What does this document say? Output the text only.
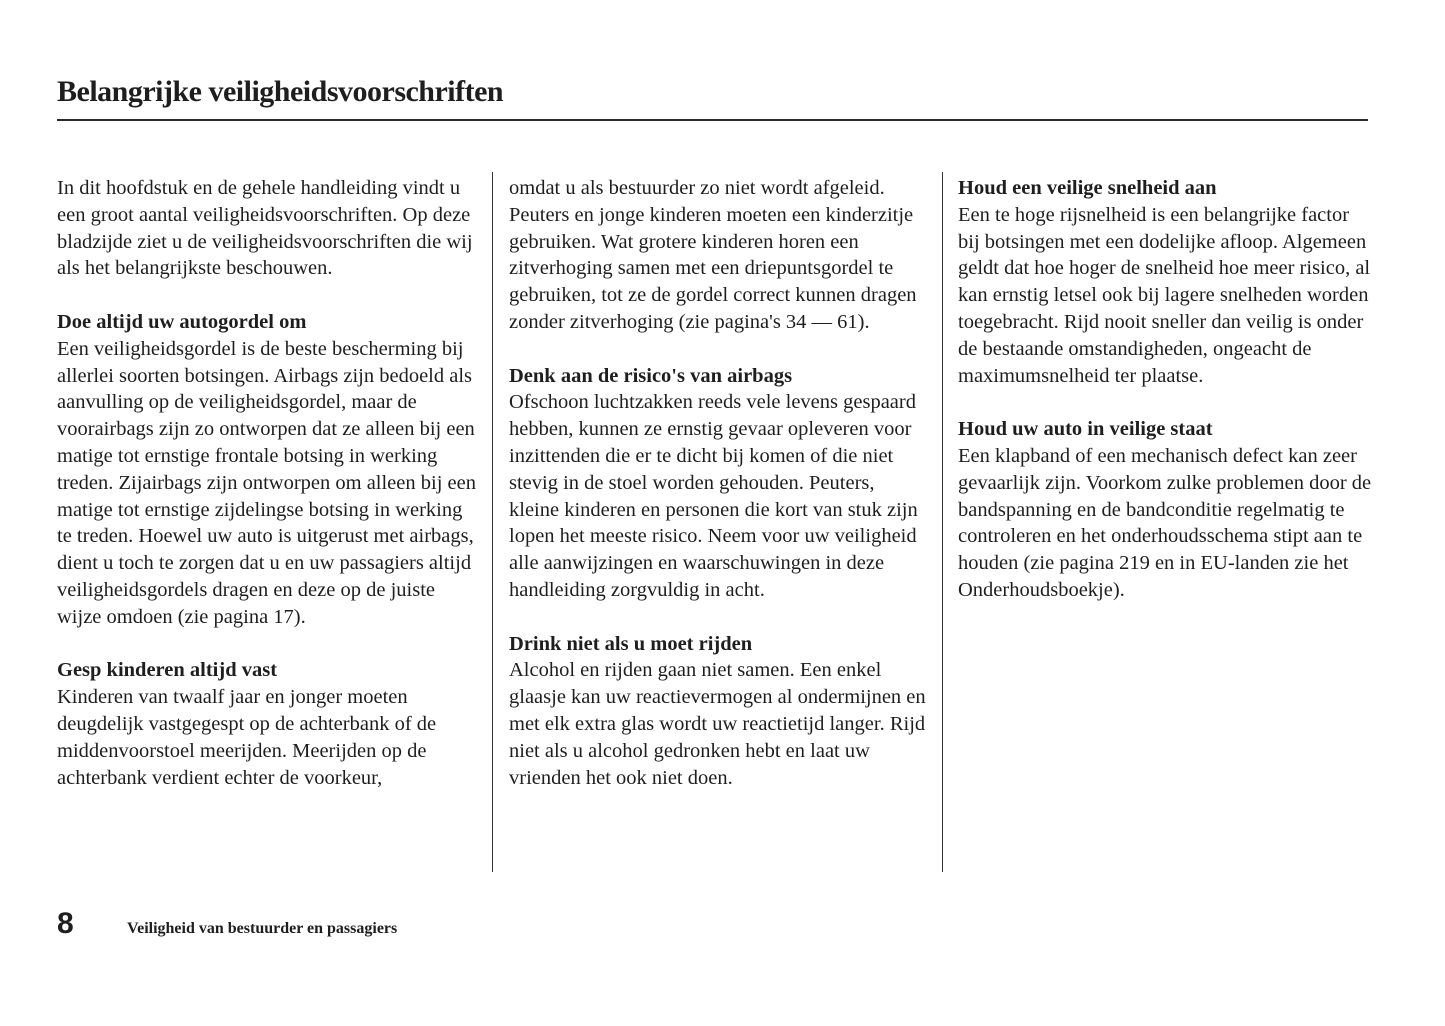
Belangrijke veiligheidsvoorschriften

In dit hoofdstuk en de gehele handleiding vindt u een groot aantal veiligheidsvoorschriften. Op deze bladzijde ziet u de veiligheidsvoorschriften die wij als het belangrijkste beschouwen.

Doe altijd uw autogordel om

Een veiligheidsgordel is de beste bescherming bij allerlei soorten botsingen. Airbags zijn bedoeld als aanvulling op de veiligheidsgordel, maar de voorairbags zijn zo ontworpen dat ze alleen bij een matige tot ernstige frontale botsing in werking treden. Zijairbags zijn ontworpen om alleen bij een matige tot ernstige zijdelingse botsing in werking te treden. Hoewel uw auto is uitgerust met airbags, dient u toch te zorgen dat u en uw passagiers altijd veiligheidsgordels dragen en deze op de juiste wijze omdoen (zie pagina 17).

Gesp kinderen altijd vast

Kinderen van twaalf jaar en jonger moeten deugdelijk vastgegespt op de achterbank of de middenvoorstoel meerijden. Meerijden op de achterbank verdient echter de voorkeur,

omdat u als bestuurder zo niet wordt afgeleid. Peuters en jonge kinderen moeten een kinderzitje gebruiken. Wat grotere kinderen horen een zitverhoging samen met een driepuntsgordel te gebruiken, tot ze de gordel correct kunnen dragen zonder zitverhoging (zie pagina's 34 — 61).

Denk aan de risico's van airbags

Ofschoon luchtzakken reeds vele levens gespaard hebben, kunnen ze ernstig gevaar opleveren voor inzittenden die er te dicht bij komen of die niet stevig in de stoel worden gehouden. Peuters, kleine kinderen en personen die kort van stuk zijn lopen het meeste risico. Neem voor uw veiligheid alle aanwijzingen en waarschuwingen in deze handleiding zorgvuldig in acht.

Drink niet als u moet rijden

Alcohol en rijden gaan niet samen. Een enkel glaasje kan uw reactievermogen al ondermijnen en met elk extra glas wordt uw reactietijd langer. Rijd niet als u alcohol gedronken hebt en laat uw vrienden het ook niet doen.

Houd een veilige snelheid aan

Een te hoge rijsnelheid is een belangrijke factor bij botsingen met een dodelijke afloop. Algemeen geldt dat hoe hoger de snelheid hoe meer risico, al kan ernstig letsel ook bij lagere snelheden worden toegebracht. Rijd nooit sneller dan veilig is onder de bestaande omstandigheden, ongeacht de maximumsnelheid ter plaatse.

Houd uw auto in veilige staat

Een klapband of een mechanisch defect kan zeer gevaarlijk zijn. Voorkom zulke problemen door de bandspanning en de bandconditie regelmatig te controleren en het onderhoudsschema stipt aan te houden (zie pagina 219 en in EU-landen zie het Onderhoudsboekje).

8	Veiligheid van bestuurder en passagiers
